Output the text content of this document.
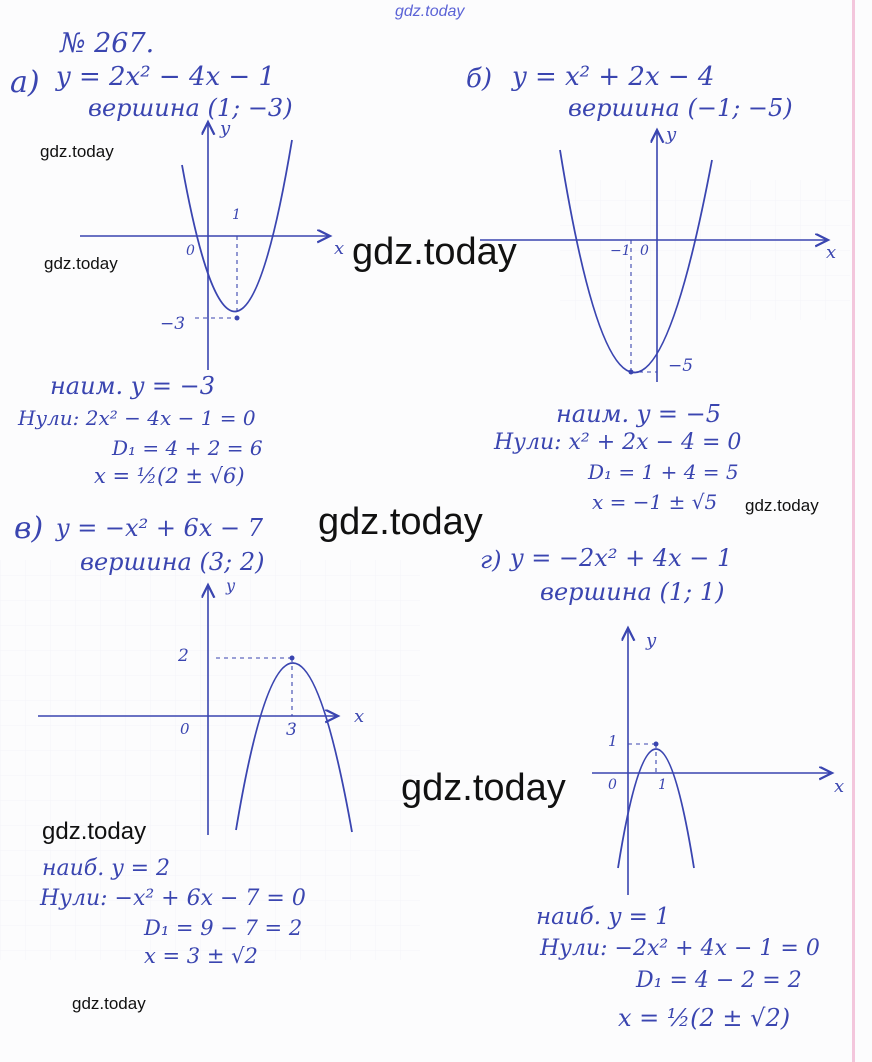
gdz.today
gdz.today
gdz.today	gdz.today
gdz.today	gdz.today
gdz.today
gdz.today
gdz.today
№ 267.
а) y = 2x² − 4x − 1
вершина (1; −3)
y
x
1
0
−3
наим. y = −3
Нули: 2x² − 4x − 1 = 0
D₁ = 4 + 2 = 6
x = ½(2 ± √6)
б) y = x² + 2x − 4
вершина (−1; −5)
y
x
−1 0
−5
наим. y = −5
Нули: x² + 2x − 4 = 0
D₁ = 1 + 4 = 5
x = −1 ± √5
в) y = −x² + 6x − 7
вершина (3; 2)
y
x
3
0
2
наиб. y = 2
Нули: −x² + 6x − 7 = 0
D₁ = 9 − 7 = 2
x = 3 ± √2
г) y = −2x² + 4x − 1
вершина (1; 1)
y
x
1
0
1
наиб. y = 1
Нули: −2x² + 4x − 1 = 0
D₁ = 4 − 2 = 2
x = ½(2 ± √2)
